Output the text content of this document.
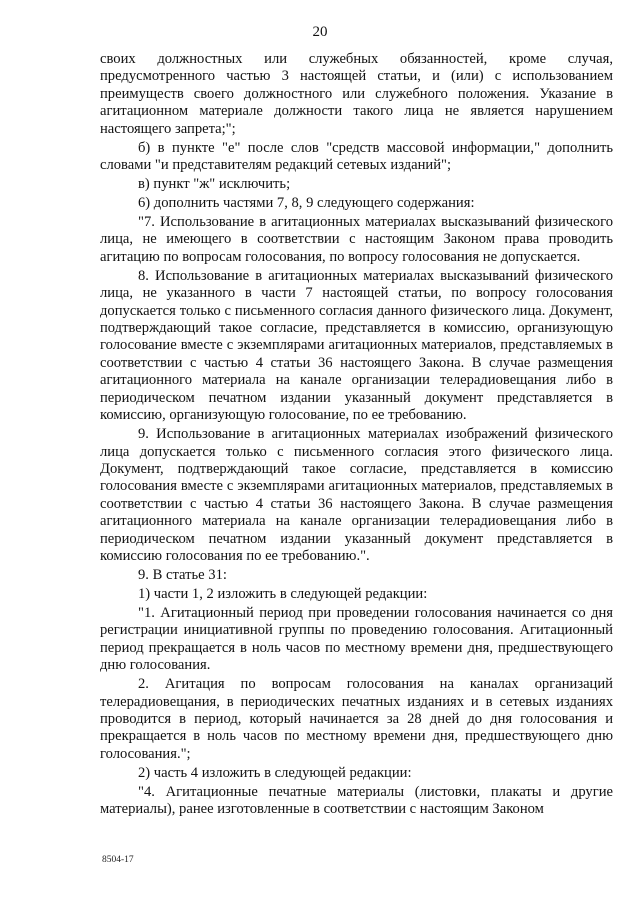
20

своих должностных или служебных обязанностей, кроме случая, предусмотренного частью 3 настоящей статьи, и (или) с использованием преимуществ своего должностного или служебного положения. Указание в агитационном материале должности такого лица не является нарушением настоящего запрета;";

б) в пункте "е" после слов "средств массовой информации," дополнить словами "и представителям редакций сетевых изданий";

в) пункт "ж" исключить;

6) дополнить частями 7, 8, 9 следующего содержания:

"7. Использование в агитационных материалах высказываний физического лица, не имеющего в соответствии с настоящим Законом права проводить агитацию по вопросам голосования, по вопросу голосования не допускается.

8. Использование в агитационных материалах высказываний физического лица, не указанного в части 7 настоящей статьи, по вопросу голосования допускается только с письменного согласия данного физического лица. Документ, подтверждающий такое согласие, представляется в комиссию, организующую голосование вместе с экземплярами агитационных материалов, представляемых в соответствии с частью 4 статьи 36 настоящего Закона. В случае размещения агитационного материала на канале организации телерадиовещания либо в периодическом печатном издании указанный документ представляется в комиссию, организующую голосование, по ее требованию.

9. Использование в агитационных материалах изображений физического лица допускается только с письменного согласия этого физического лица. Документ, подтверждающий такое согласие, представляется в комиссию голосования вместе с экземплярами агитационных материалов, представляемых в соответствии с частью 4 статьи 36 настоящего Закона. В случае размещения агитационного материала на канале организации телерадиовещания либо в периодическом печатном издании указанный документ представляется в комиссию голосования по ее требованию.".

9. В статье 31:

1) части 1, 2 изложить в следующей редакции:

"1. Агитационный период при проведении голосования начинается со дня регистрации инициативной группы по проведению голосования. Агитационный период прекращается в ноль часов по местному времени дня, предшествующего дню голосования.

2. Агитация по вопросам голосования на каналах организаций телерадиовещания, в периодических печатных изданиях и в сетевых изданиях проводится в период, который начинается за 28 дней до дня голосования и прекращается в ноль часов по местному времени дня, предшествующего дню голосования.";

2) часть 4 изложить в следующей редакции:

"4. Агитационные печатные материалы (листовки, плакаты и другие материалы), ранее изготовленные в соответствии с настоящим Законом

8504-17
